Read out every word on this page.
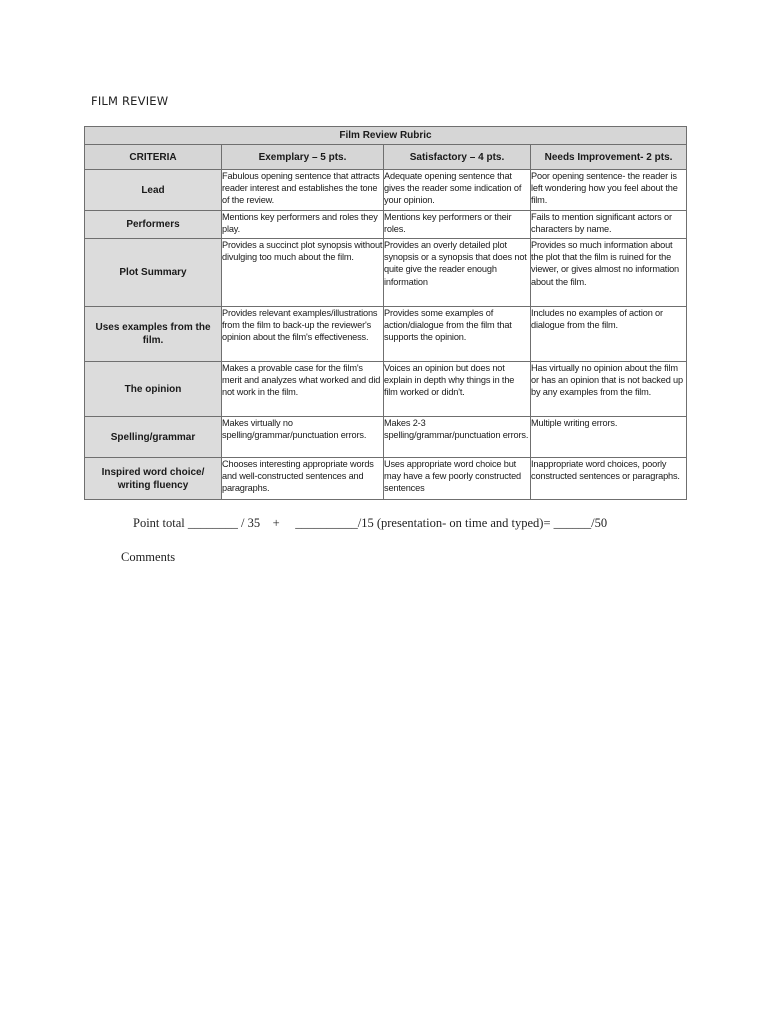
FILM REVIEW
Film Review Rubric			
CRITERIA	Exemplary – 5 pts.	Satisfactory – 4 pts.	Needs Improvement- 2 pts.
Lead	Fabulous opening sentence that attracts reader interest and establishes the tone of the review.	Adequate opening sentence that gives the reader some indication of your opinion.	Poor opening sentence- the reader is left wondering how you feel about the film.
Performers	Mentions key performers and roles they play.	Mentions key performers or their roles.	Fails to mention significant actors or characters by name.
Plot Summary	Provides a succinct plot synopsis without divulging too much about the film.	Provides an overly detailed plot synopsis or a synopsis that does not quite give the reader enough information	Provides so much information about the plot that the film is ruined for the viewer, or gives almost no information about the film.
Uses examples from the film.	Provides relevant examples/illustrations from the film to back-up the reviewer's opinion about the film's effectiveness.	Provides some examples of action/dialogue from the film that supports the opinion.	Includes no examples of action or dialogue from the film.
The opinion	Makes a provable case for the film's merit and analyzes what worked and did not work in the film.	Voices an opinion but does not explain in depth why things in the film worked or didn't.	Has virtually no opinion about the film or has an opinion that is not backed up by any examples from the film.
Spelling/grammar	Makes virtually no spelling/grammar/punctuation errors.	Makes 2-3 spelling/grammar/punctuation errors.	Multiple writing errors.
Inspired word choice/ writing fluency	Chooses interesting appropriate words and well-constructed sentences and paragraphs.	Uses appropriate word choice but may have a few poorly constructed sentences	Inappropriate word choices, poorly constructed sentences or paragraphs.
Point total ________ / 35    +     __________/15 (presentation- on time and typed)= ______/50
Comments
